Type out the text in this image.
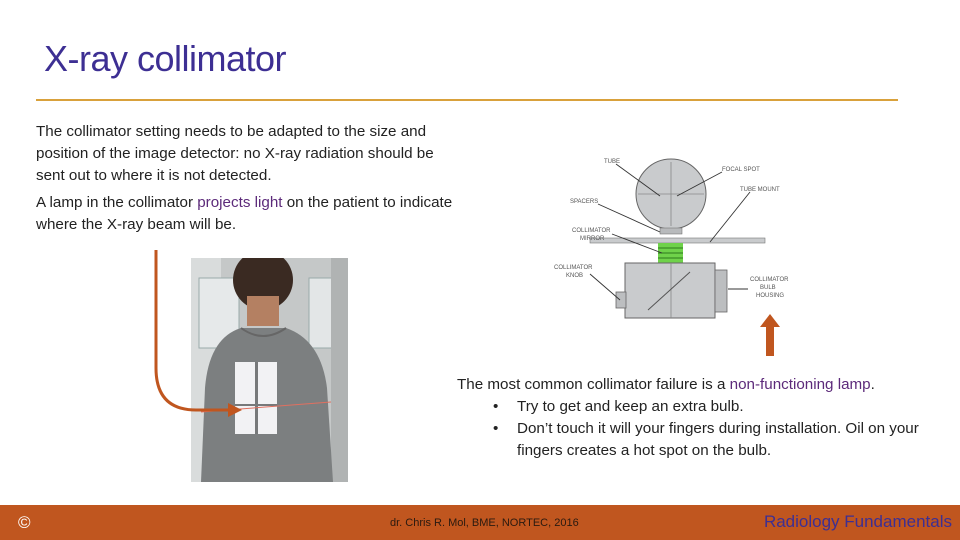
X-ray collimator
The collimator setting needs to be adapted to the size and position of the image detector: no X-ray radiation should be sent out to where it is not detected.
A lamp in the collimator projects light on the patient to indicate where the X-ray beam will be.
TUBE
FOCAL SPOT
TUBE MOUNT
SPACERS
COLLIMATOR
MIRROR
COLLIMATOR
KNOB
COLLIMATOR
BULB
HOUSING
The most common collimator failure is a non-functioning lamp.
• Try to get and keep an extra bulb.
• Don’t touch it will your fingers during installation. Oil on your fingers creates a hot spot on the bulb.
©	dr. Chris R. Mol, BME, NORTEC, 2016	Radiology Fundamentals
